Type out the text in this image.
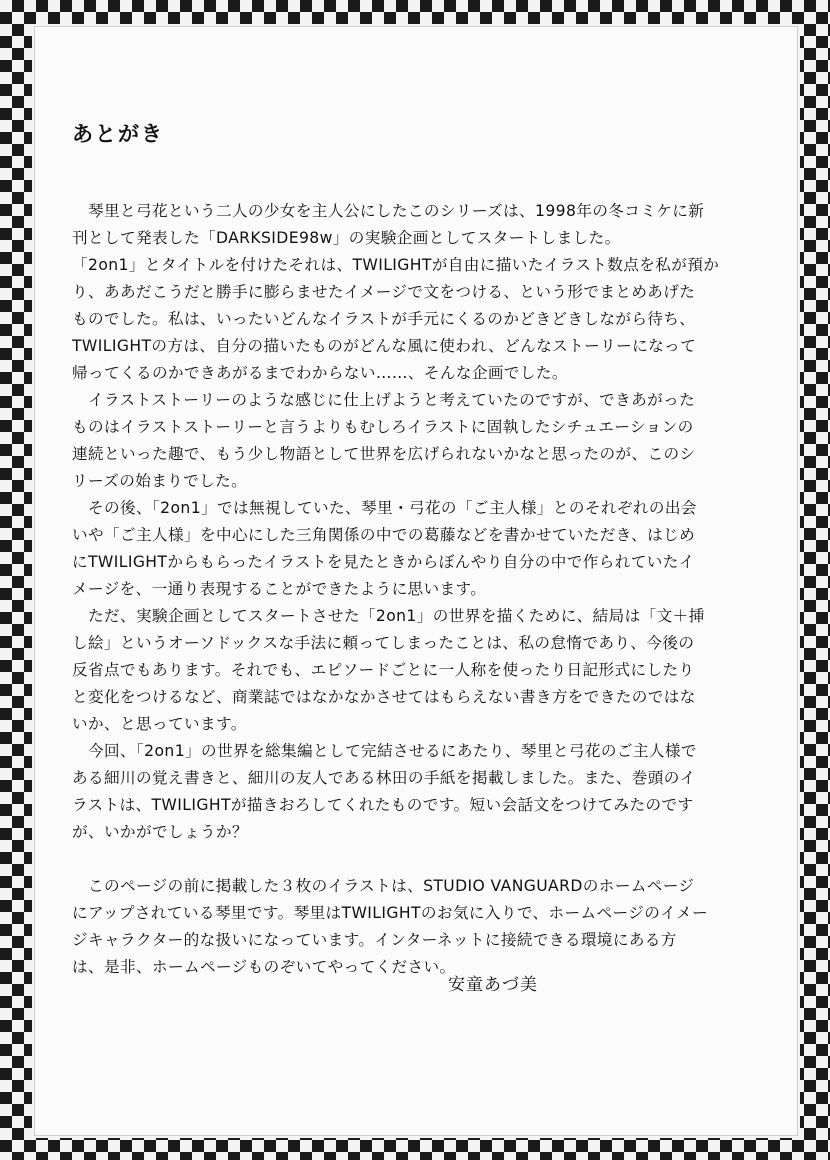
あとがき
　琴里と弓花という二人の少女を主人公にしたこのシリーズは、1998年の冬コミケに新
刊として発表した「DARKSIDE98w」の実験企画としてスタートしました。
「2on1」とタイトルを付けたそれは、TWILIGHTが自由に描いたイラスト数点を私が預か
り、ああだこうだと勝手に膨らませたイメージで文をつける、という形でまとめあげた
ものでした。私は、いったいどんなイラストが手元にくるのかどきどきしながら待ち、
TWILIGHTの方は、自分の描いたものがどんな風に使われ、どんなストーリーになって
帰ってくるのかできあがるまでわからない……、そんな企画でした。
　イラストストーリーのような感じに仕上げようと考えていたのですが、できあがった
ものはイラストストーリーと言うよりもむしろイラストに固執したシチュエーションの
連続といった趣で、もう少し物語として世界を広げられないかなと思ったのが、このシ
リーズの始まりでした。
　その後、「2on1」では無視していた、琴里・弓花の「ご主人様」とのそれぞれの出会
いや「ご主人様」を中心にした三角関係の中での葛藤などを書かせていただき、はじめ
にTWILIGHTからもらったイラストを見たときからぼんやり自分の中で作られていたイ
メージを、一通り表現することができたように思います。
　ただ、実験企画としてスタートさせた「2on1」の世界を描くために、結局は「文＋挿
し絵」というオーソドックスな手法に頼ってしまったことは、私の怠惰であり、今後の
反省点でもあります。それでも、エピソードごとに一人称を使ったり日記形式にしたり
と変化をつけるなど、商業誌ではなかなかさせてはもらえない書き方をできたのではな
いか、と思っています。
　今回、「2on1」の世界を総集編として完結させるにあたり、琴里と弓花のご主人様で
ある細川の覚え書きと、細川の友人である林田の手紙を掲載しました。また、巻頭のイ
ラストは、TWILIGHTが描きおろしてくれたものです。短い会話文をつけてみたのです
が、いかがでしょうか？
　このページの前に掲載した３枚のイラストは、STUDIO VANGUARDのホームページ
にアップされている琴里です。琴里はTWILIGHTのお気に入りで、ホームページのイメー
ジキャラクター的な扱いになっています。インターネットに接続できる環境にある方
は、是非、ホームページものぞいてやってください。
安童あづ美
